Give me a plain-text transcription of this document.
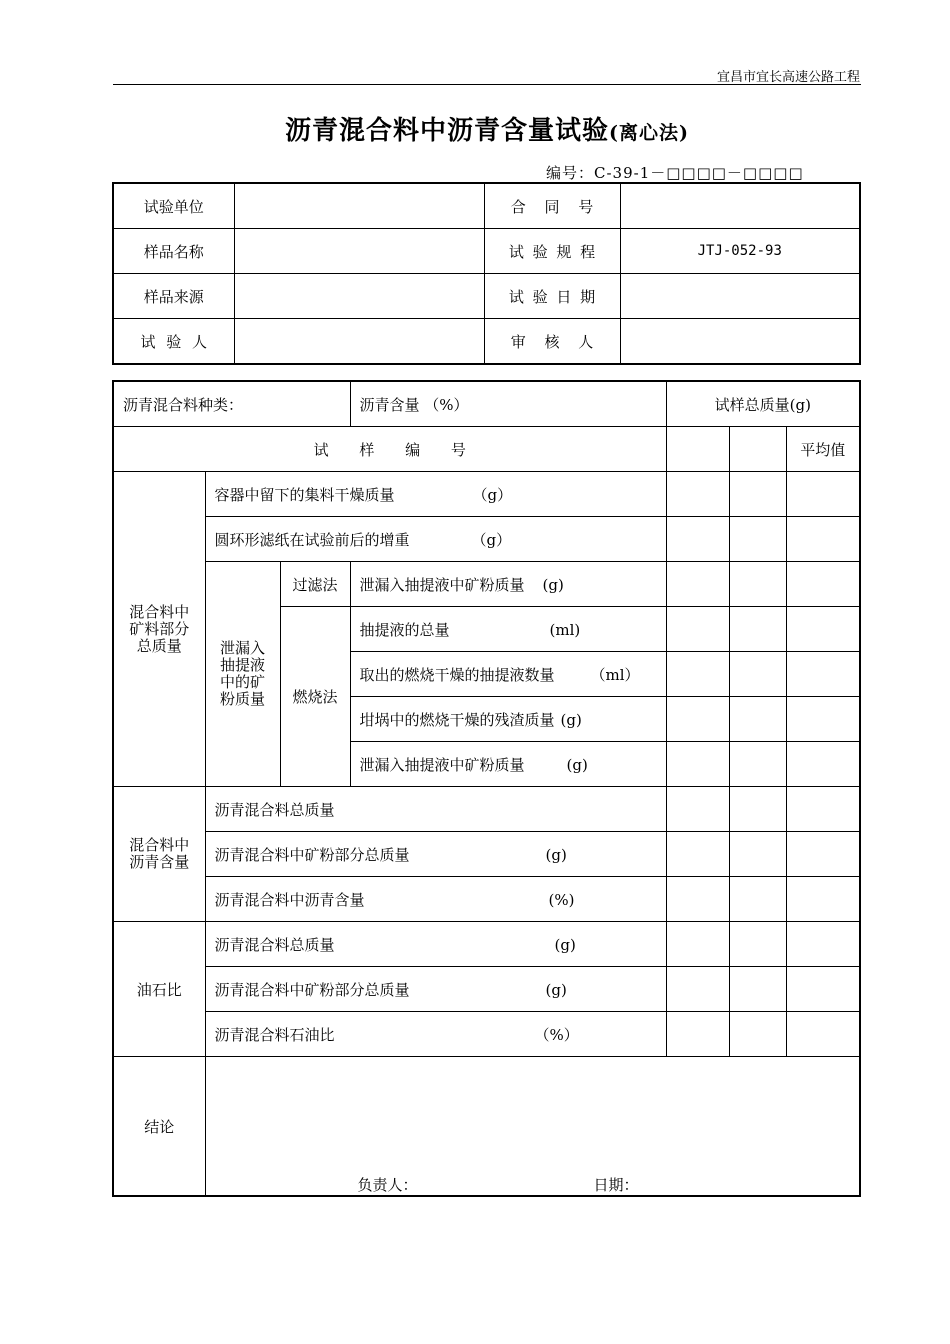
宜昌市宜长高速公路工程
沥青混合料中沥青含量试验(离心法)
编号：C-39-1－□□□□－□□□□
试验单位		合 同 号	
样品名称		试 验 规 程	JTJ-052-93
样品来源		试 验 日 期	
试 验 人		审 核 人	
沥青混合料种类：			沥青含量 （%）	试样总质量(g)		
试 样 编 号						平均值

混合料中矿料部分总质量	容器中留下的集料干燥质量 （g）					
	圆环形滤纸在试验前后的增重 （g）					

	泄漏入抽提液中的矿粉质量	过滤法	泄漏入抽提液中矿粉质量 (g)			
		燃烧法	抽提液的总量 (ml)			
			取出的燃烧干燥的抽提液数量 （ml）			
			坩埚中的燃烧干燥的残渣质量 (g)			
			泄漏入抽提液中矿粉质量 (g)			

混合料中沥青含量	沥青混合料总质量					
	沥青混合料中矿粉部分总质量 (g)					
	沥青混合料中沥青含量 (%)					
油石比	沥青混合料总质量 (g)					
	沥青混合料中矿粉部分总质量 (g)					
	沥青混合料石油比 （%）					
结论	负责人： 日期：					
